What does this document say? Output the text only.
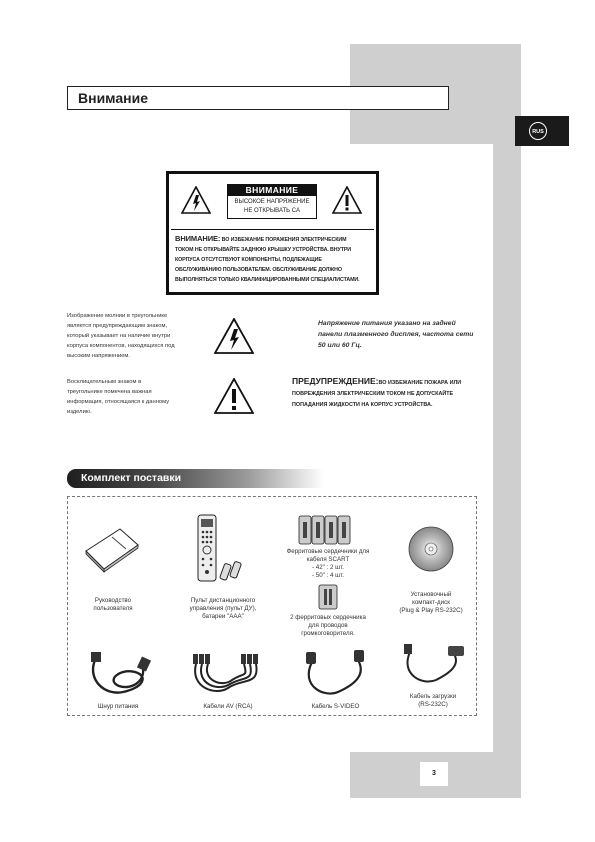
Внимание
RUS
ВНИМАНИЕ
ВЫСОКОЕ НАПРЯЖЕНИЕ
НЕ ОТКРЫВАТЬ СА
ВНИМАНИЕ: ВО ИЗБЕЖАНИЕ ПОРАЖЕНИЯ ЭЛЕКТРИЧЕСКИМ
ТОКОМ НЕ ОТКРЫВАЙТЕ ЗАДНЮЮ КРЫШКУ УСТРОЙСТВА. ВНУТРИ
КОРПУСА ОТСУТСТВУЮТ КОМПОНЕНТЫ, ПОДЛЕЖАЩИЕ
ОБСЛУЖИВАНИЮ ПОЛЬЗОВАТЕЛЕМ. ОБСЛУЖИВАНИЕ ДОЛЖНО
ВЫПОЛНЯТЬСЯ ТОЛЬКО КВАЛИФИЦИРОВАННЫМИ СПЕЦИАЛИСТАМИ.
Изображение молнии в треугольнике
является предупреждающим знаком,
который указывает на наличие внутри
корпуса компонентов, находящихся под
высоким напряжением.
Восклицательным знаком в
треугольнике помечена важная
информация, относящаяся к данному
изделию.
Напряжение питания указано на задней
панели плазменного дисплея, частота сети
50 или 60 Гц.
ПРЕДУПРЕЖДЕНИЕ:ВО ИЗБЕЖАНИЕ ПОЖАРА ИЛИ
ПОВРЕЖДЕНИЯ ЭЛЕКТРИЧЕСКИМ ТОКОМ НЕ ДОПУСКАЙТЕ
ПОПАДАНИЯ ЖИДКОСТИ НА КОРПУС УСТРОЙСТВА.
Комплект поставки
Руководство
пользователя
Пульт дистанционного
управления (пульт ДУ),
батареи "AAA"
Ферритовые сердечники для
кабеля SCART
- 42" : 2 шт.
- 50" : 4 шт.
2 ферритовых сердечника
для проводов
громкоговорителя.
Установочный
компакт-диск
(Plug & Play RS-232C)
Шнур питания	Кабели AV (RCA)	Кабель S-VIDEO
Кабель загрузки
(RS-232C)
3
